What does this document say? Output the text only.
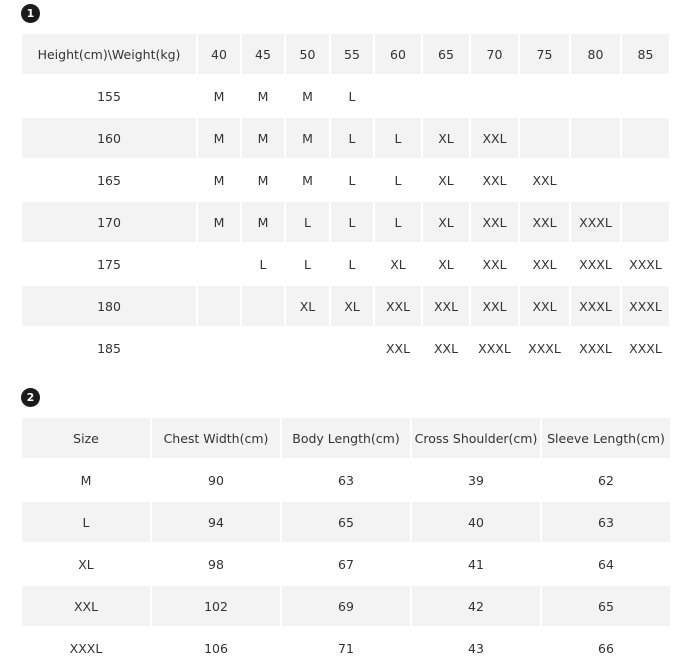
1
Height(cm)\Weight(kg)	40	45	50	55	60	65	70	75	80	85
155	M	M	M	L						
160	M	M	M	L	L	XL	XXL			
165	M	M	M	L	L	XL	XXL	XXL		
170	M	M	L	L	L	XL	XXL	XXL	XXXL	
175		L	L	L	XL	XL	XXL	XXL	XXXL	XXXL
180			XL	XL	XXL	XXL	XXL	XXL	XXXL	XXXL
185					XXL	XXL	XXXL	XXXL	XXXL	XXXL
2
Size	Chest Width(cm)	Body Length(cm)	Cross Shoulder(cm)	Sleeve Length(cm)
M	90	63	39	62
L	94	65	40	63
XL	98	67	41	64
XXL	102	69	42	65
XXXL	106	71	43	66
